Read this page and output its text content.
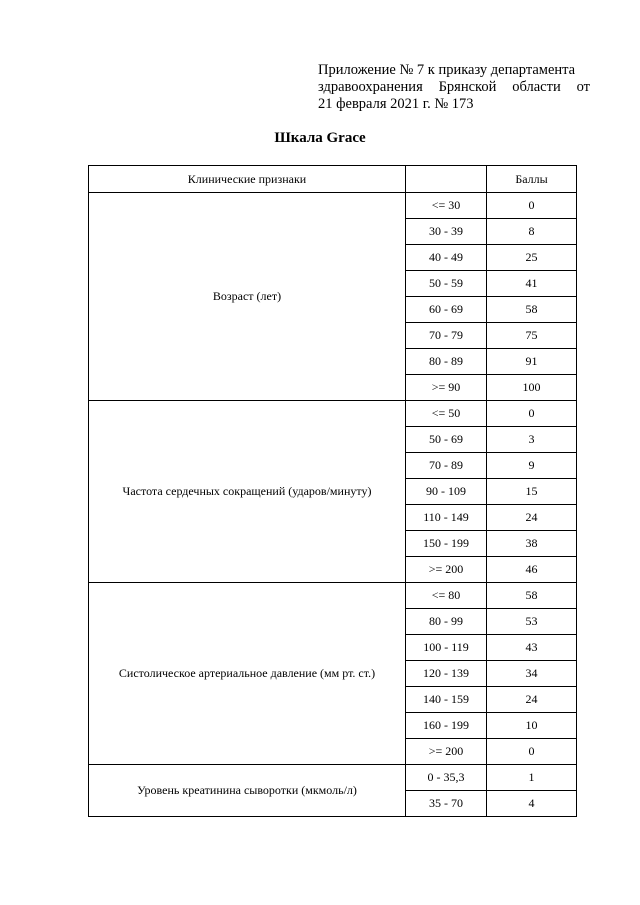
Приложение № 7 к приказу департамента
здравоохранения Брянской области от
21 февраля 2021 г. № 173
Шкала Grace
Клинические признаки		Баллы
Возраст (лет)	<= 30	0
	30 - 39	8
	40 - 49	25
	50 - 59	41
	60 - 69	58
	70 - 79	75
	80 - 89	91
	>= 90	100
Частота сердечных сокращений (ударов/минуту)	<= 50	0
	50 - 69	3
	70 - 89	9
	90 - 109	15
	110 - 149	24
	150 - 199	38
	>= 200	46
Систолическое артериальное давление (мм рт. ст.)	<= 80	58
	80 - 99	53
	100 - 119	43
	120 - 139	34
	140 - 159	24
	160 - 199	10
	>= 200	0
Уровень креатинина сыворотки (мкмоль/л)	0 - 35,3	1
	35 - 70	4
